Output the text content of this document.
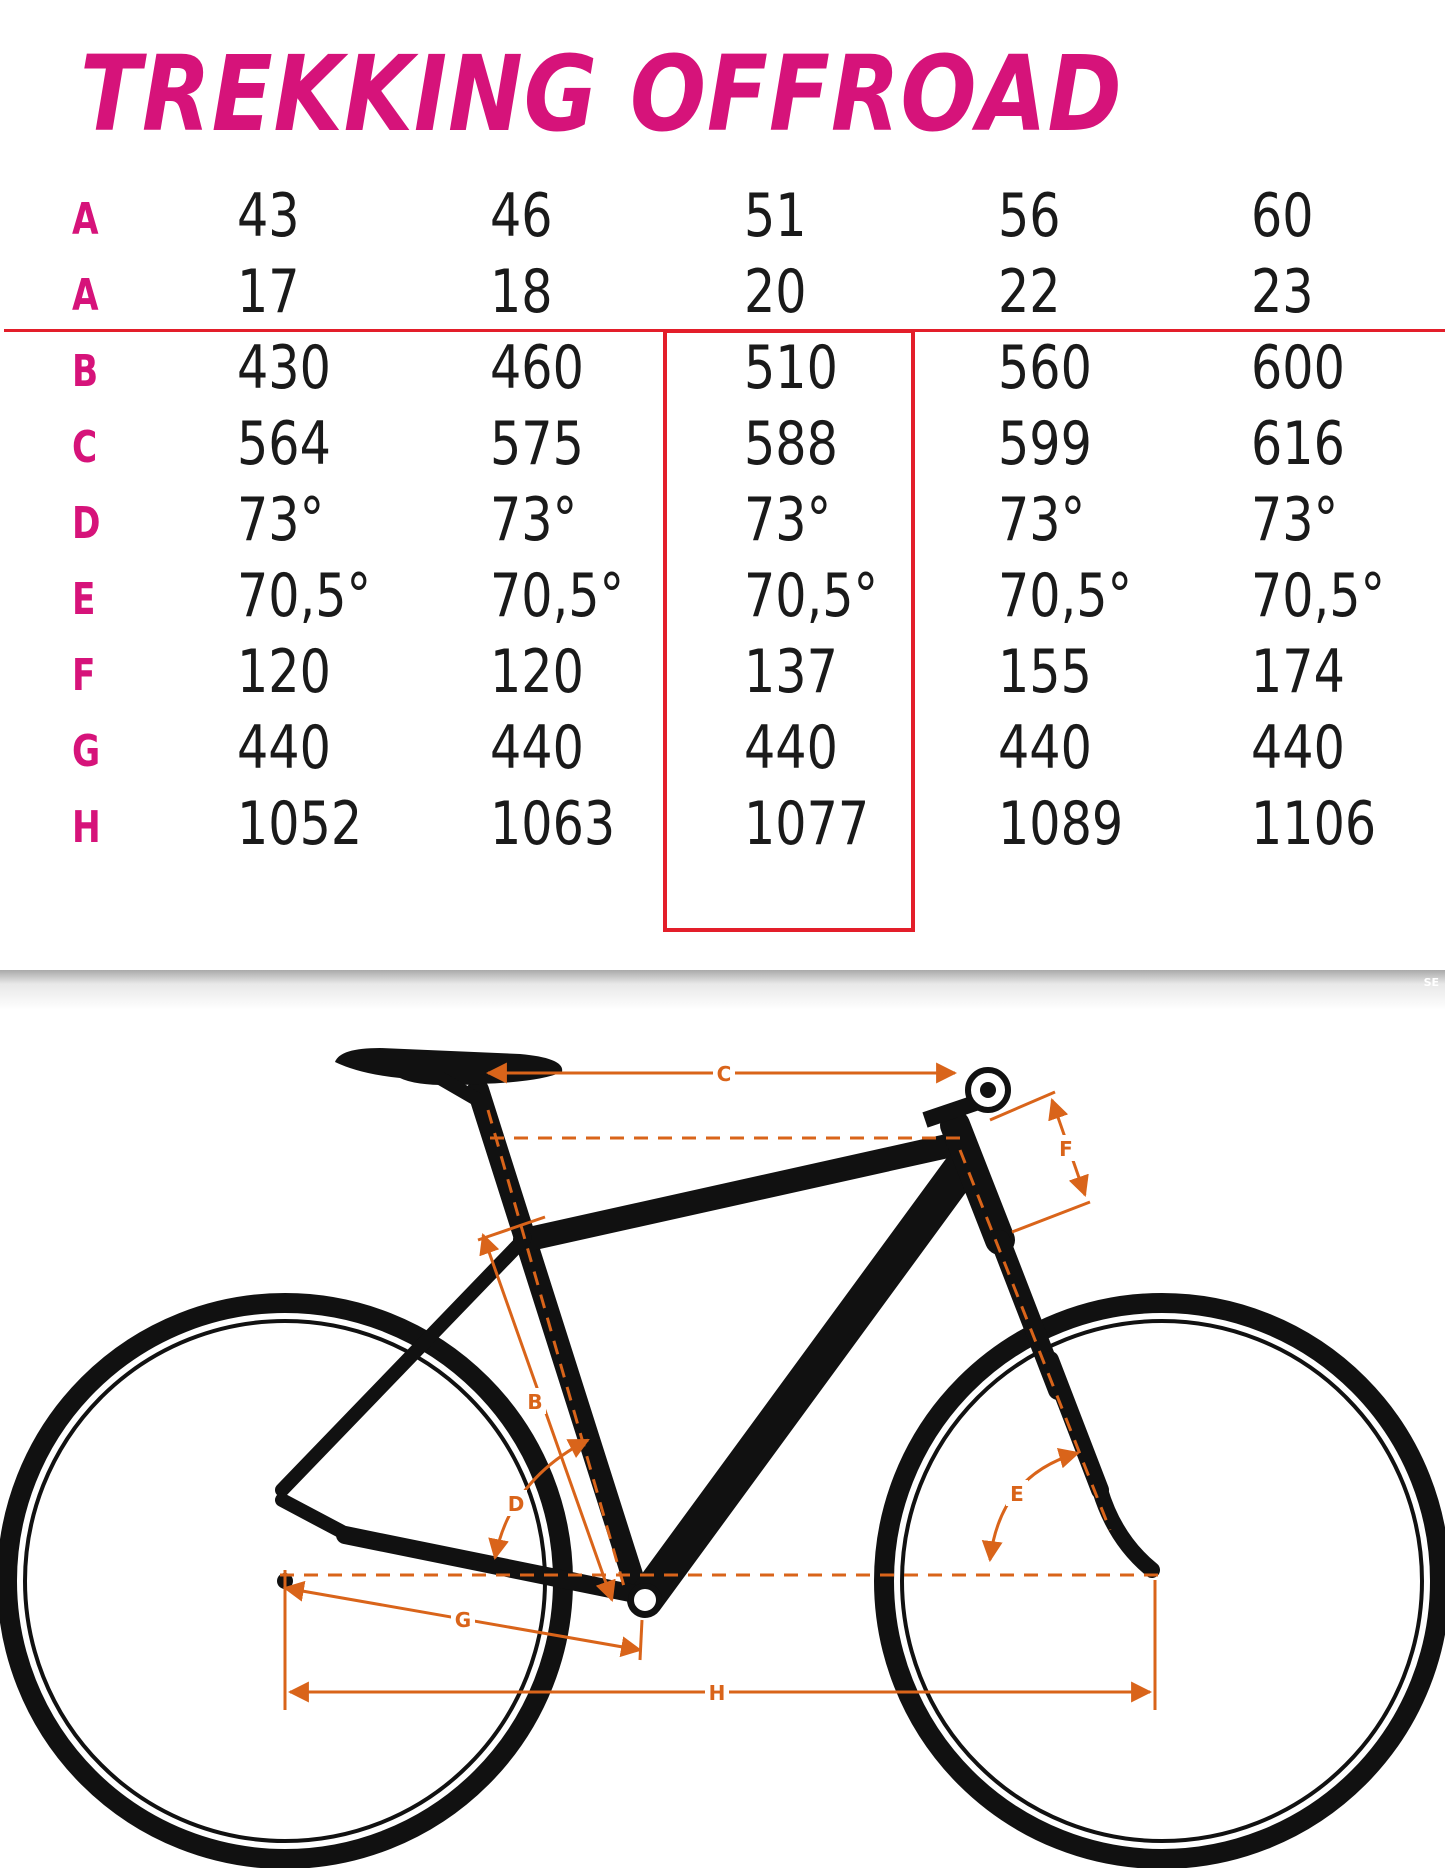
TREKKING OFFROAD
A 43	46	51	56	60
A 17	18	20	22	23
B 430	460	510	560	600
C 564	575	588	599	616
D 73°	73°	73°	73°	73°
E 70,5° 70,5° 70,5° 70,5° 70,5°
F 120	120	137	155	174
G 440	440	440	440	440
H 1052 1063 1077 1089 1106
SE
C
F
B
D	E
G
H
